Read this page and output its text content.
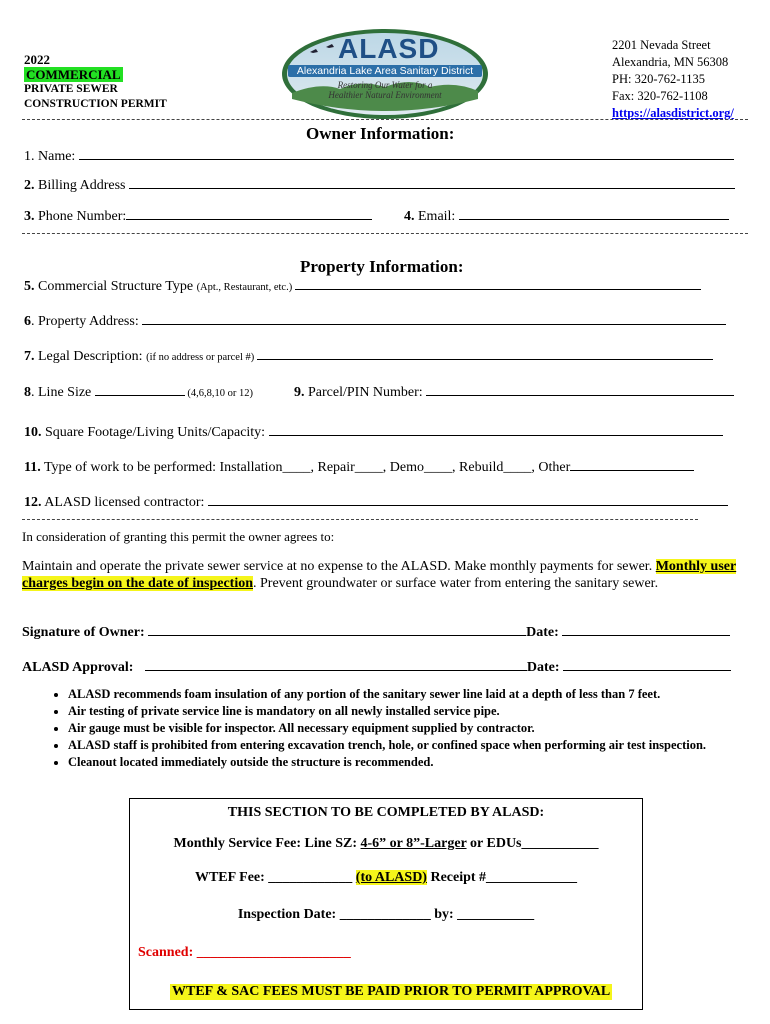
2022
COMMERCIAL
PRIVATE SEWER
CONSTRUCTION PERMIT
ALASD
Alexandria Lake Area Sanitary District
Restoring Our Water for a
Healthier Natural Environment
2201 Nevada Street
Alexandria, MN 56308
PH: 320-762-1135
Fax: 320-762-1108
https://alasdistrict.org/
Owner Information:
1. Name:
2. Billing Address
3. Phone Number:	4. Email:
Property Information:
5. Commercial Structure Type (Apt., Restaurant, etc.)
6. Property Address:
7. Legal Description: (if no address or parcel #)
8. Line Size	(4,6,8,10 or 12)	9. Parcel/PIN Number:
10. Square Footage/Living Units/Capacity:
11. Type of work to be performed: Installation____, Repair____, Demo____, Rebuild____, Other
12. ALASD licensed contractor:
In consideration of granting this permit the owner agrees to:
Maintain and operate the private sewer service at no expense to the ALASD. Make monthly payments for sewer. Monthly user charges begin on the date of inspection. Prevent groundwater or surface water from entering the sanitary sewer.
Signature of Owner:	Date:
ALASD Approval:	Date:
• ALASD recommends foam insulation of any portion of the sanitary sewer line laid at a depth of less than 7 feet.
• Air testing of private service line is mandatory on all newly installed service pipe.
• Air gauge must be visible for inspector. All necessary equipment supplied by contractor.
• ALASD staff is prohibited from entering excavation trench, hole, or confined space when performing air test inspection.
• Cleanout located immediately outside the structure is recommended.
THIS SECTION TO BE COMPLETED BY ALASD:
Monthly Service Fee: Line SZ: 4-6” or 8”-Larger or EDUs___________
WTEF Fee: ____________ (to ALASD) Receipt #_____________
Inspection Date: _____________ by: ___________
Scanned: ______________________
WTEF & SAC FEES MUST BE PAID PRIOR TO PERMIT APPROVAL
